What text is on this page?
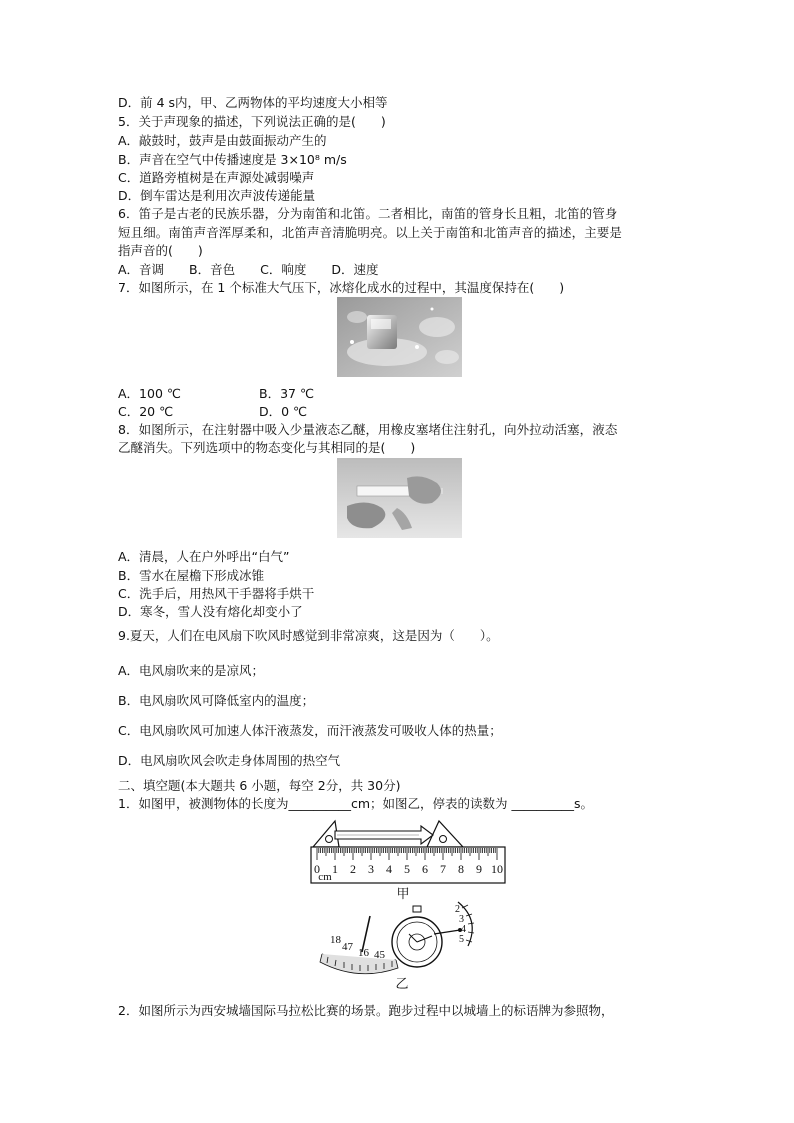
D．前 4 s内，甲、乙两物体的平均速度大小相等
5．关于声现象的描述，下列说法正确的是(　　)
A．敲鼓时，鼓声是由鼓面振动产生的
B．声音在空气中传播速度是 3×10⁸ m/s
C．道路旁植树是在声源处减弱噪声
D．倒车雷达是利用次声波传递能量
6．笛子是古老的民族乐器，分为南笛和北笛。二者相比，南笛的管身长且粗，北笛的管身
短且细。南笛声音浑厚柔和，北笛声音清脆明亮。以上关于南笛和北笛声音的描述，主要是
指声音的(　　)
A．音调　　B．音色　　C．响度　　D．速度
7．如图所示，在 1 个标准大气压下，冰熔化成水的过程中，其温度保持在(　　)
A．100 ℃	B．37 ℃
C．20 ℃	D．0 ℃
8．如图所示，在注射器中吸入少量液态乙醚，用橡皮塞堵住注射孔，向外拉动活塞，液态
乙醚消失。下列选项中的物态变化与其相同的是(　　)
A．清晨，人在户外呼出“白气”
B．雪水在屋檐下形成冰锥
C．洗手后，用热风干手器将手烘干
D．寒冬，雪人没有熔化却变小了
9.夏天，人们在电风扇下吹风时感觉到非常凉爽，这是因为（　　）。
A．电风扇吹来的是凉风；
B．电风扇吹风可降低室内的温度；
C．电风扇吹风可加速人体汗液蒸发，而汗液蒸发可吸收人体的热量；
D．电风扇吹风会吹走身体周围的热空气
二、填空题(本大题共 6 小题，每空 2分，共 30分)
1．如图甲，被测物体的长度为__________cm；如图乙，停表的读数为 __________s。
0 1 2 3 4 5 6 7 8 9 10
cm
甲
18
47 16 45
2
3
4
5
乙
2．如图所示为西安城墙国际马拉松比赛的场景。跑步过程中以城墙上的标语牌为参照物，
